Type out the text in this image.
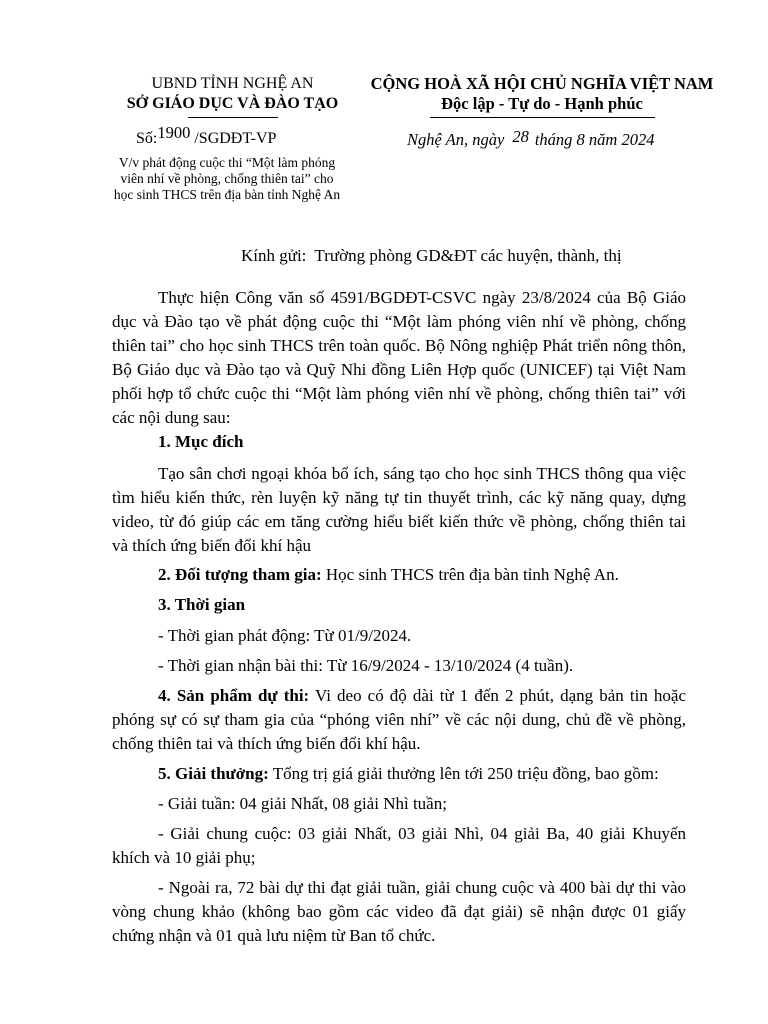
UBND TỈNH NGHỆ AN
SỞ GIÁO DỤC VÀ ĐÀO TẠO
CỘNG HOÀ XÃ HỘI CHỦ NGHĨA VIỆT NAM
Độc lập - Tự do - Hạnh phúc
Số:1900 /SGDĐT-VP	Nghệ An, ngày 28 tháng 8 năm 2024
V/v phát động cuộc thi “Một làm phóng viên nhí về phòng, chống thiên tai” cho học sinh THCS trên địa bàn tỉnh Nghệ An
Kính gửi: Trường phòng GD&ĐT các huyện, thành, thị

Thực hiện Công văn số 4591/BGDĐT-CSVC ngày 23/8/2024 của Bộ Giáo dục và Đào tạo về phát động cuộc thi “Một làm phóng viên nhí về phòng, chống thiên tai” cho học sinh THCS trên toàn quốc. Bộ Nông nghiệp Phát triển nông thôn, Bộ Giáo dục và Đào tạo và Quỹ Nhi đồng Liên Hợp quốc (UNICEF) tại Việt Nam phối hợp tổ chức cuộc thi “Một làm phóng viên nhí về phòng, chống thiên tai” với các nội dung sau:

1. Mục đích

Tạo sân chơi ngoại khóa bổ ích, sáng tạo cho học sinh THCS thông qua việc tìm hiểu kiến thức, rèn luyện kỹ năng tự tin thuyết trình, các kỹ năng quay, dựng video, từ đó giúp các em tăng cường hiểu biết kiến thức về phòng, chống thiên tai và thích ứng biến đổi khí hậu

2. Đối tượng tham gia: Học sinh THCS trên địa bàn tỉnh Nghệ An.
3. Thời gian
- Thời gian phát động: Từ 01/9/2024.
- Thời gian nhận bài thi: Từ 16/9/2024 - 13/10/2024 (4 tuần).

4. Sản phẩm dự thi: Vi deo có độ dài từ 1 đến 2 phút, dạng bản tin hoặc phóng sự có sự tham gia của “phóng viên nhí” về các nội dung, chủ đề về phòng, chống thiên tai và thích ứng biến đổi khí hậu.

5. Giải thưởng: Tổng trị giá giải thưởng lên tới 250 triệu đồng, bao gồm:
- Giải tuần: 04 giải Nhất, 08 giải Nhì tuần;

- Giải chung cuộc: 03 giải Nhất, 03 giải Nhì, 04 giải Ba, 40 giải Khuyến khích và 10 giải phụ;

- Ngoài ra, 72 bài dự thi đạt giải tuần, giải chung cuộc và 400 bài dự thi vào vòng chung khảo (không bao gồm các video đã đạt giải) sẽ nhận được 01 giấy chứng nhận và 01 quà lưu niệm từ Ban tổ chức.
